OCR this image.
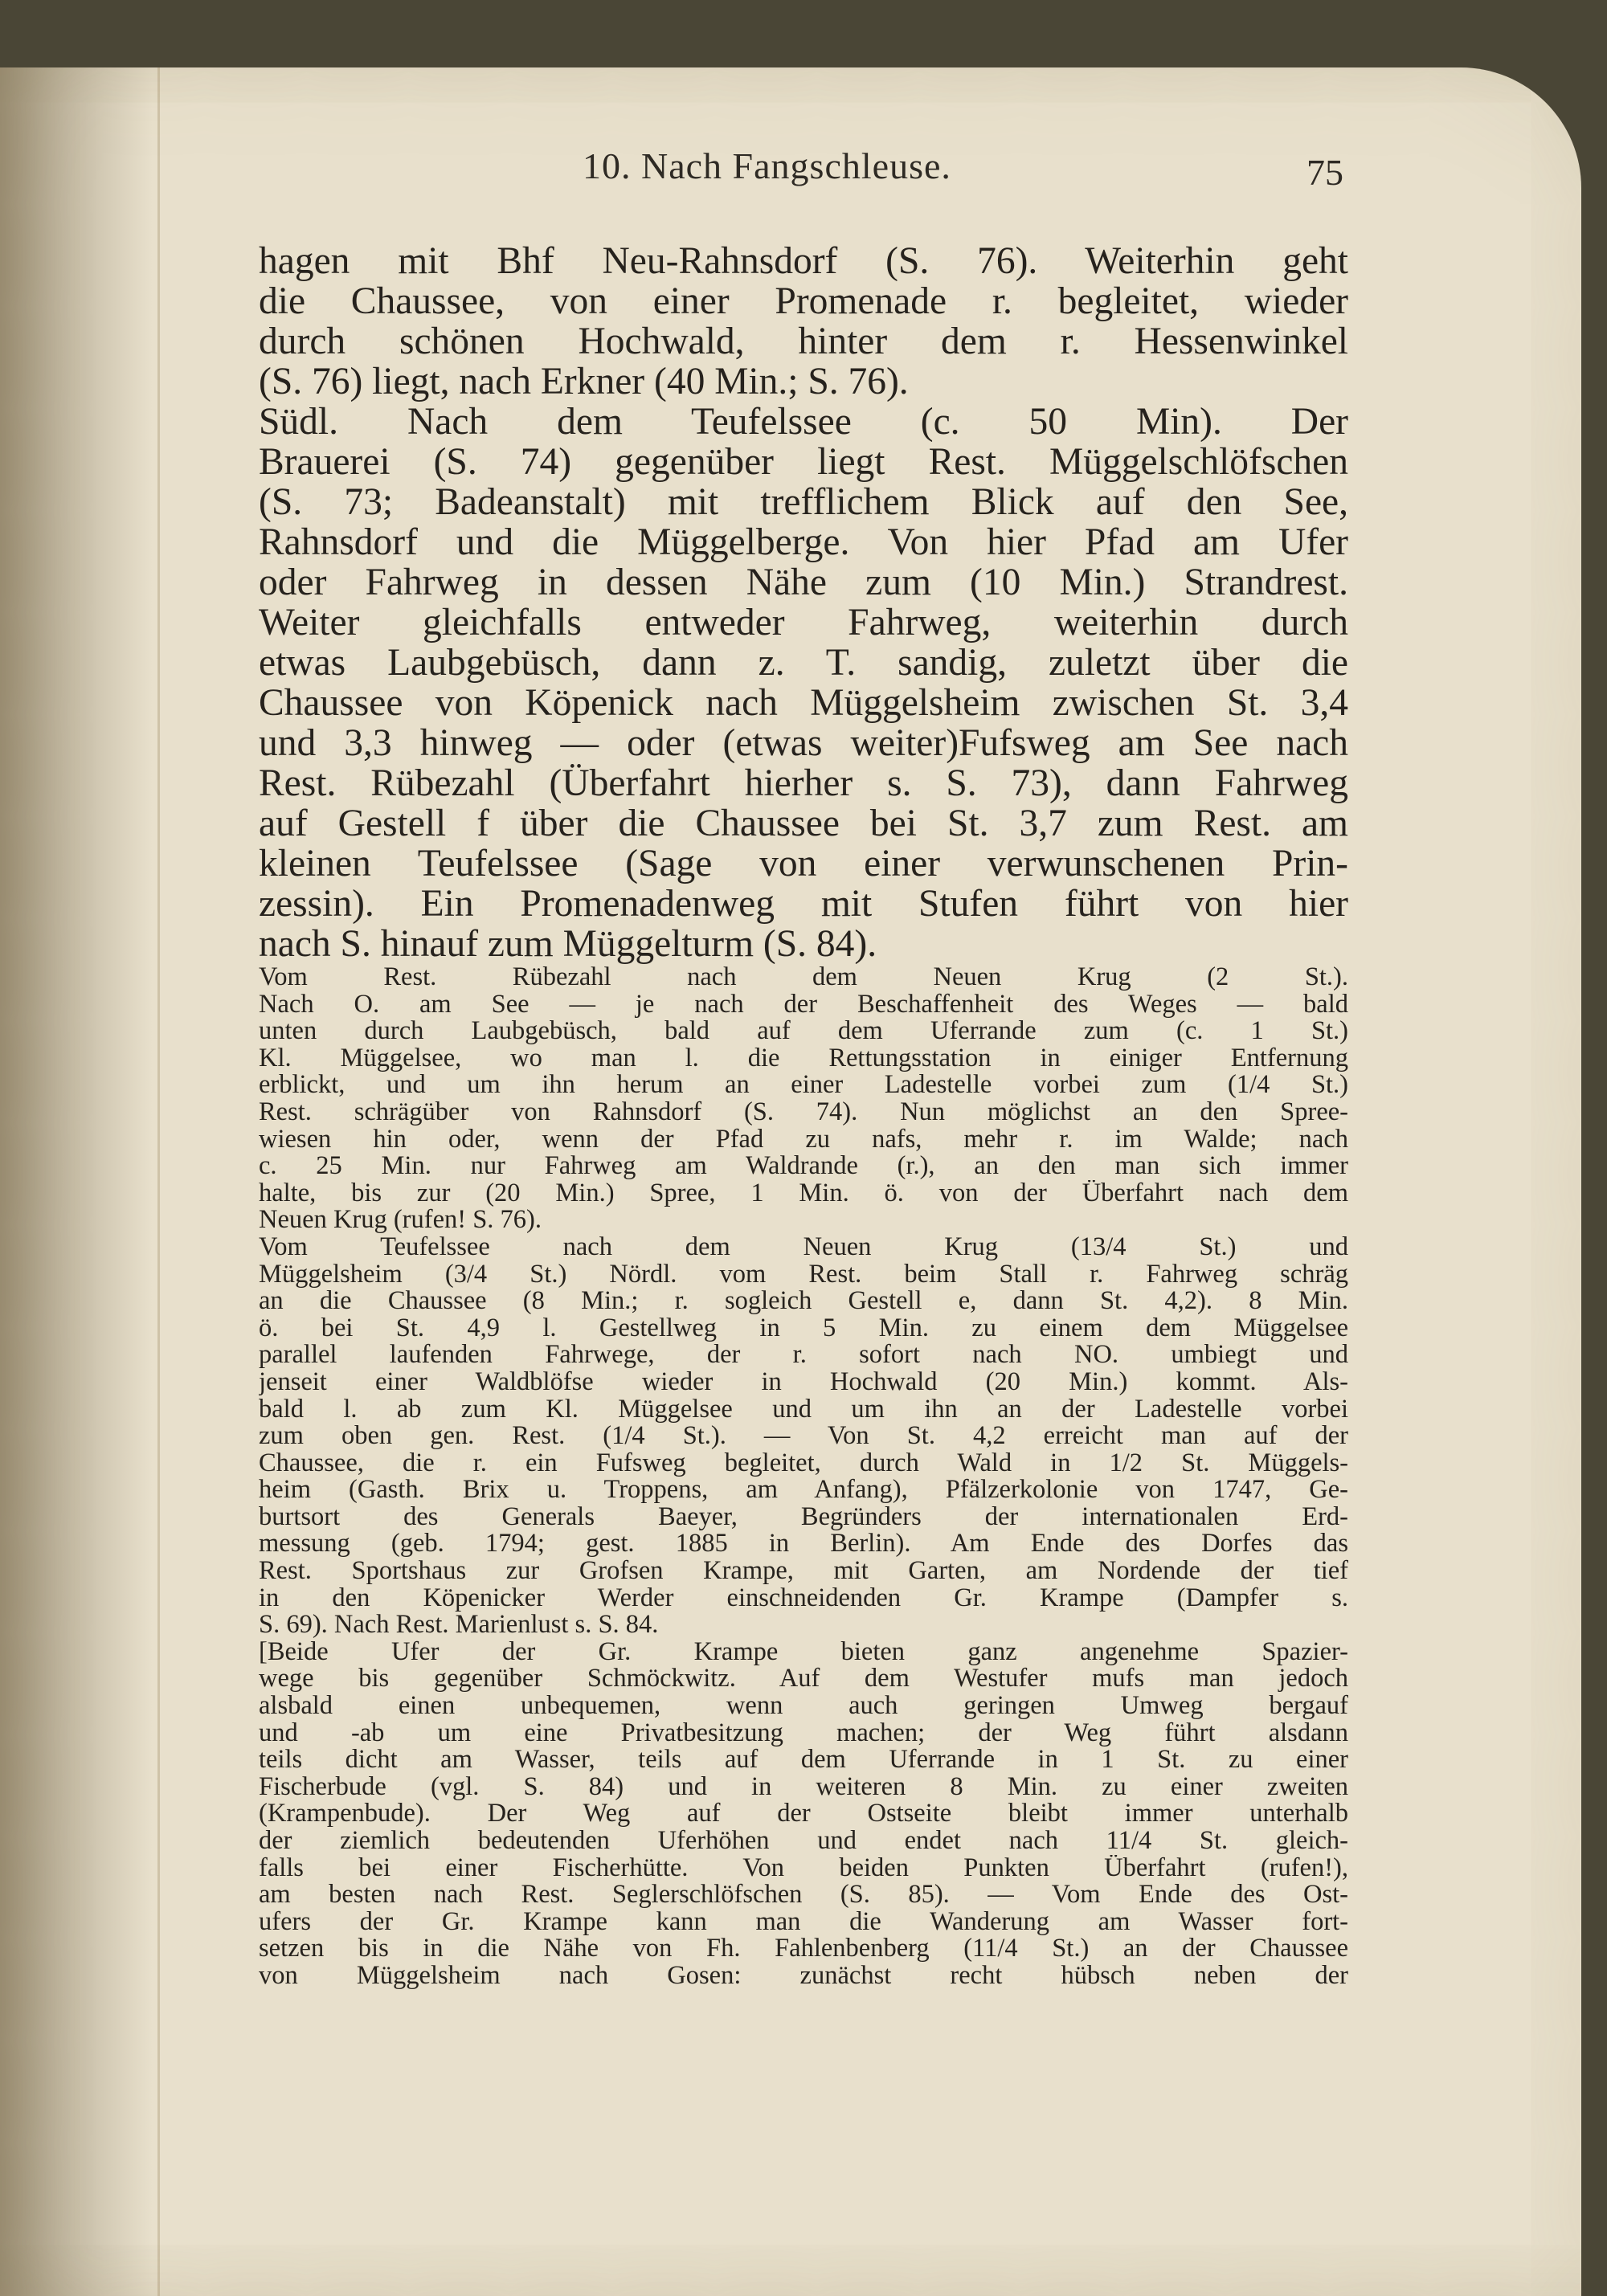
10. Nach Fangschleuse.	75
hagen mit Bhf Neu-Rahnsdorf (S. 76). Weiterhin geht
die Chaussee, von einer Promenade r. begleitet, wieder
durch schönen Hochwald, hinter dem r. Hessenwinkel
(S. 76) liegt, nach Erkner (40 Min.; S. 76).
Südl. Nach dem Teufelssee (c. 50 Min). Der
Brauerei (S. 74) gegenüber liegt Rest. Müggelschlöfschen
(S. 73; Badeanstalt) mit trefflichem Blick auf den See,
Rahnsdorf und die Müggelberge. Von hier Pfad am Ufer
oder Fahrweg in dessen Nähe zum (10 Min.) Strandrest.
Weiter gleichfalls entweder Fahrweg, weiterhin durch
etwas Laubgebüsch, dann z. T. sandig, zuletzt über die
Chaussee von Köpenick nach Müggelsheim zwischen St. 3,4
und 3,3 hinweg — oder (etwas weiter)Fufsweg am See nach
Rest. Rübezahl (Überfahrt hierher s. S. 73), dann Fahrweg
auf Gestell f über die Chaussee bei St. 3,7 zum Rest. am
kleinen Teufelssee (Sage von einer verwunschenen Prin-
zessin). Ein Promenadenweg mit Stufen führt von hier
nach S. hinauf zum Müggelturm (S. 84).
Vom Rest. Rübezahl nach dem Neuen Krug (2 St.).
Nach O. am See — je nach der Beschaffenheit des Weges — bald
unten durch Laubgebüsch, bald auf dem Uferrande zum (c. 1 St.)
Kl. Müggelsee, wo man l. die Rettungsstation in einiger Entfernung
erblickt, und um ihn herum an einer Ladestelle vorbei zum (1/4 St.)
Rest. schrägüber von Rahnsdorf (S. 74). Nun möglichst an den Spree-
wiesen hin oder, wenn der Pfad zu nafs, mehr r. im Walde; nach
c. 25 Min. nur Fahrweg am Waldrande (r.), an den man sich immer
halte, bis zur (20 Min.) Spree, 1 Min. ö. von der Überfahrt nach dem
Neuen Krug (rufen! S. 76).
Vom Teufelssee nach dem Neuen Krug (13/4 St.) und
Müggelsheim (3/4 St.) Nördl. vom Rest. beim Stall r. Fahrweg schräg
an die Chaussee (8 Min.; r. sogleich Gestell e, dann St. 4,2). 8 Min.
ö. bei St. 4,9 l. Gestellweg in 5 Min. zu einem dem Müggelsee
parallel laufenden Fahrwege, der r. sofort nach NO. umbiegt und
jenseit einer Waldblöfse wieder in Hochwald (20 Min.) kommt. Als-
bald l. ab zum Kl. Müggelsee und um ihn an der Ladestelle vorbei
zum oben gen. Rest. (1/4 St.). — Von St. 4,2 erreicht man auf der
Chaussee, die r. ein Fufsweg begleitet, durch Wald in 1/2 St. Müggels-
heim (Gasth. Brix u. Troppens, am Anfang), Pfälzerkolonie von 1747, Ge-
burtsort des Generals Baeyer, Begründers der internationalen Erd-
messung (geb. 1794; gest. 1885 in Berlin). Am Ende des Dorfes das
Rest. Sportshaus zur Grofsen Krampe, mit Garten, am Nordende der tief
in den Köpenicker Werder einschneidenden Gr. Krampe (Dampfer s.
S. 69). Nach Rest. Marienlust s. S. 84.
[Beide Ufer der Gr. Krampe bieten ganz angenehme Spazier-
wege bis gegenüber Schmöckwitz. Auf dem Westufer mufs man jedoch
alsbald einen unbequemen, wenn auch geringen Umweg bergauf
und -ab um eine Privatbesitzung machen; der Weg führt alsdann
teils dicht am Wasser, teils auf dem Uferrande in 1 St. zu einer
Fischerbude (vgl. S. 84) und in weiteren 8 Min. zu einer zweiten
(Krampenbude). Der Weg auf der Ostseite bleibt immer unterhalb
der ziemlich bedeutenden Uferhöhen und endet nach 11/4 St. gleich-
falls bei einer Fischerhütte. Von beiden Punkten Überfahrt (rufen!),
am besten nach Rest. Seglerschlöfschen (S. 85). — Vom Ende des Ost-
ufers der Gr. Krampe kann man die Wanderung am Wasser fort-
setzen bis in die Nähe von Fh. Fahlenbenberg (11/4 St.) an der Chaussee
von Müggelsheim nach Gosen: zunächst recht hübsch neben der
